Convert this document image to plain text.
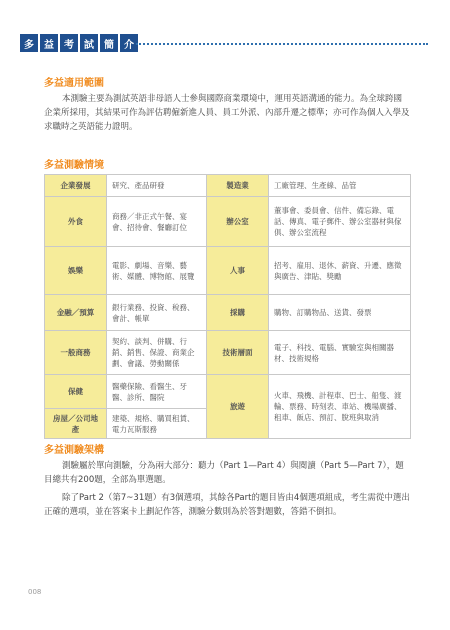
多	益	考	試	簡	介
多益適用範圍

本測驗主要為測試英語非母語人士參與國際商業環境中，運用英語溝通的能力。為全球跨國企業所採用，其結果可作為評估聘僱新進人員、員工外派、內部升遷之標準；亦可作為個人入學及求職時之英語能力證明。

多益測驗情境
企業發展	研究、產品研發	製造業	工廠管理、生產線、品管
外食	商務／非正式午餐、宴會、招待會、餐廳訂位	辦公室	董事會、委員會、信件、備忘錄、電話、傳真、電子郵件、辦公室器材與傢俱、辦公室流程
娛樂	電影、劇場、音樂、藝術、媒體、博物館、展覽	人事	招考、雇用、退休、薪資、升遷、應徵與廣告、津貼、獎勵
金融／預算	銀行業務、投資、稅務、會計、帳單	採購	購物、訂購物品、送貨、發票
一般商務	契約、談判、併購、行銷、銷售、保證、商業企劃、會議、勞動關係	技術層面	電子、科技、電腦、實驗室與相關器材、技術規格
保健	醫藥保險、看醫生、牙醫、診所、醫院	旅遊	火車、飛機、計程車、巴士、船隻、渡輪、票務、時刻表、車站、機場廣播、租車、飯店、預訂、脫班與取消
房屋／公司地產	建築、規格、購買租賃、電力瓦斯服務		
多益測驗架構

測驗屬於單向測驗，分為兩大部分：聽力（Part 1—Part 4）與閱讀（Part 5—Part 7），題目總共有200題，全部為單選題。

除了Part 2（第7~31題）有3個選項，其餘各Part的題目皆由4個選項組成，考生需從中選出正確的選項，並在答案卡上劃記作答，測驗分數則為於答對題數，答錯不倒扣。

008
